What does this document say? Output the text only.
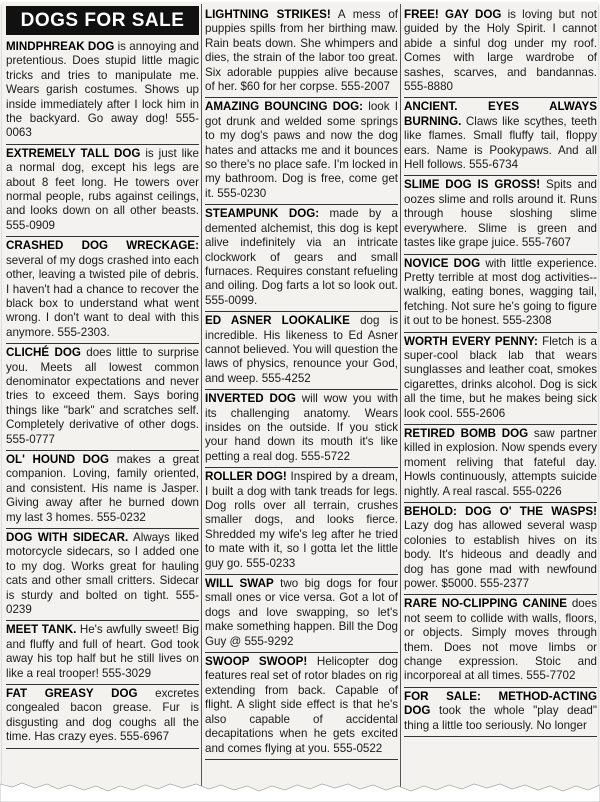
DOGS FOR SALE
MINDPHREAK DOG is annoying and pretentious. Does stupid little magic tricks and tries to manipulate me. Wears garish costumes. Shows up inside immediately after I lock him in the backyard. Go away dog! 555-0063
EXTREMELY TALL DOG is just like a normal dog, except his legs are about 8 feet long. He towers over normal people, rubs against ceilings, and looks down on all other beasts. 555-0909
CRASHED DOG WRECKAGE: several of my dogs crashed into each other, leaving a twisted pile of debris. I haven't had a chance to recover the black box to understand what went wrong. I don't want to deal with this anymore. 555-2303.
CLICHÉ DOG does little to surprise you. Meets all lowest common denominator expectations and never tries to exceed them. Says boring things like "bark" and scratches self. Completely derivative of other dogs. 555-0777
OL' HOUND DOG makes a great companion. Loving, family oriented, and consistent. His name is Jasper. Giving away after he burned down my last 3 homes. 555-0232
DOG WITH SIDECAR. Always liked motorcycle sidecars, so I added one to my dog. Works great for hauling cats and other small critters. Sidecar is sturdy and bolted on tight. 555-0239
MEET TANK. He's awfully sweet! Big and fluffy and full of heart. God took away his top half but he still lives on like a real trooper! 555-3029
FAT GREASY DOG excretes congealed bacon grease. Fur is disgusting and dog coughs all the time. Has crazy eyes. 555-6967
LIGHTNING STRIKES! A mess of puppies spills from her birthing maw. Rain beats down. She whimpers and dies, the strain of the labor too great. Six adorable puppies alive because of her. $60 for her corpse. 555-2007
AMAZING BOUNCING DOG: look I got drunk and welded some springs to my dog's paws and now the dog hates and attacks me and it bounces so there's no place safe. I'm locked in my bathroom. Dog is free, come get it. 555-0230
STEAMPUNK DOG: made by a demented alchemist, this dog is kept alive indefinitely via an intricate clockwork of gears and small furnaces. Requires constant refueling and oiling. Dog farts a lot so look out. 555-0099.
ED ASNER LOOKALIKE dog is incredible. His likeness to Ed Asner cannot believed. You will question the laws of physics, renounce your God, and weep. 555-4252
INVERTED DOG will wow you with its challenging anatomy. Wears insides on the outside. If you stick your hand down its mouth it's like petting a real dog. 555-5722
ROLLER DOG! Inspired by a dream, I built a dog with tank treads for legs. Dog rolls over all terrain, crushes smaller dogs, and looks fierce. Shredded my wife's leg after he tried to mate with it, so I gotta let the little guy go. 555-0233
WILL SWAP two big dogs for four small ones or vice versa. Got a lot of dogs and love swapping, so let's make something happen. Bill the Dog Guy @ 555-9292
SWOOP SWOOP! Helicopter dog features real set of rotor blades on rig extending from back. Capable of flight. A slight side effect is that he's also capable of accidental decapitations when he gets excited and comes flying at you. 555-0522
FREE! GAY DOG is loving but not guided by the Holy Spirit. I cannot abide a sinful dog under my roof. Comes with large wardrobe of sashes, scarves, and bandannas. 555-8880
ANCIENT. EYES ALWAYS BURNING. Claws like scythes, teeth like flames. Small fluffy tail, floppy ears. Name is Pookypaws. And all Hell follows. 555-6734
SLIME DOG IS GROSS! Spits and oozes slime and rolls around it. Runs through house sloshing slime everywhere. Slime is green and tastes like grape juice. 555-7607
NOVICE DOG with little experience. Pretty terrible at most dog activities-- walking, eating bones, wagging tail, fetching. Not sure he's going to figure it out to be honest. 555-2308
WORTH EVERY PENNY: Fletch is a super-cool black lab that wears sunglasses and leather coat, smokes cigarettes, drinks alcohol. Dog is sick all the time, but he makes being sick look cool. 555-2606
RETIRED BOMB DOG saw partner killed in explosion. Now spends every moment reliving that fateful day. Howls continuously, attempts suicide nightly. A real rascal. 555-0226
BEHOLD: DOG O' THE WASPS! Lazy dog has allowed several wasp colonies to establish hives on its body. It's hideous and deadly and dog has gone mad with newfound power. $5000. 555-2377
RARE NO-CLIPPING CANINE does not seem to collide with walls, floors, or objects. Simply moves through them. Does not move limbs or change expression. Stoic and incorporeal at all times. 555-7702
FOR SALE: METHOD-ACTING DOG took the whole "play dead" thing a little too seriously. No longer
